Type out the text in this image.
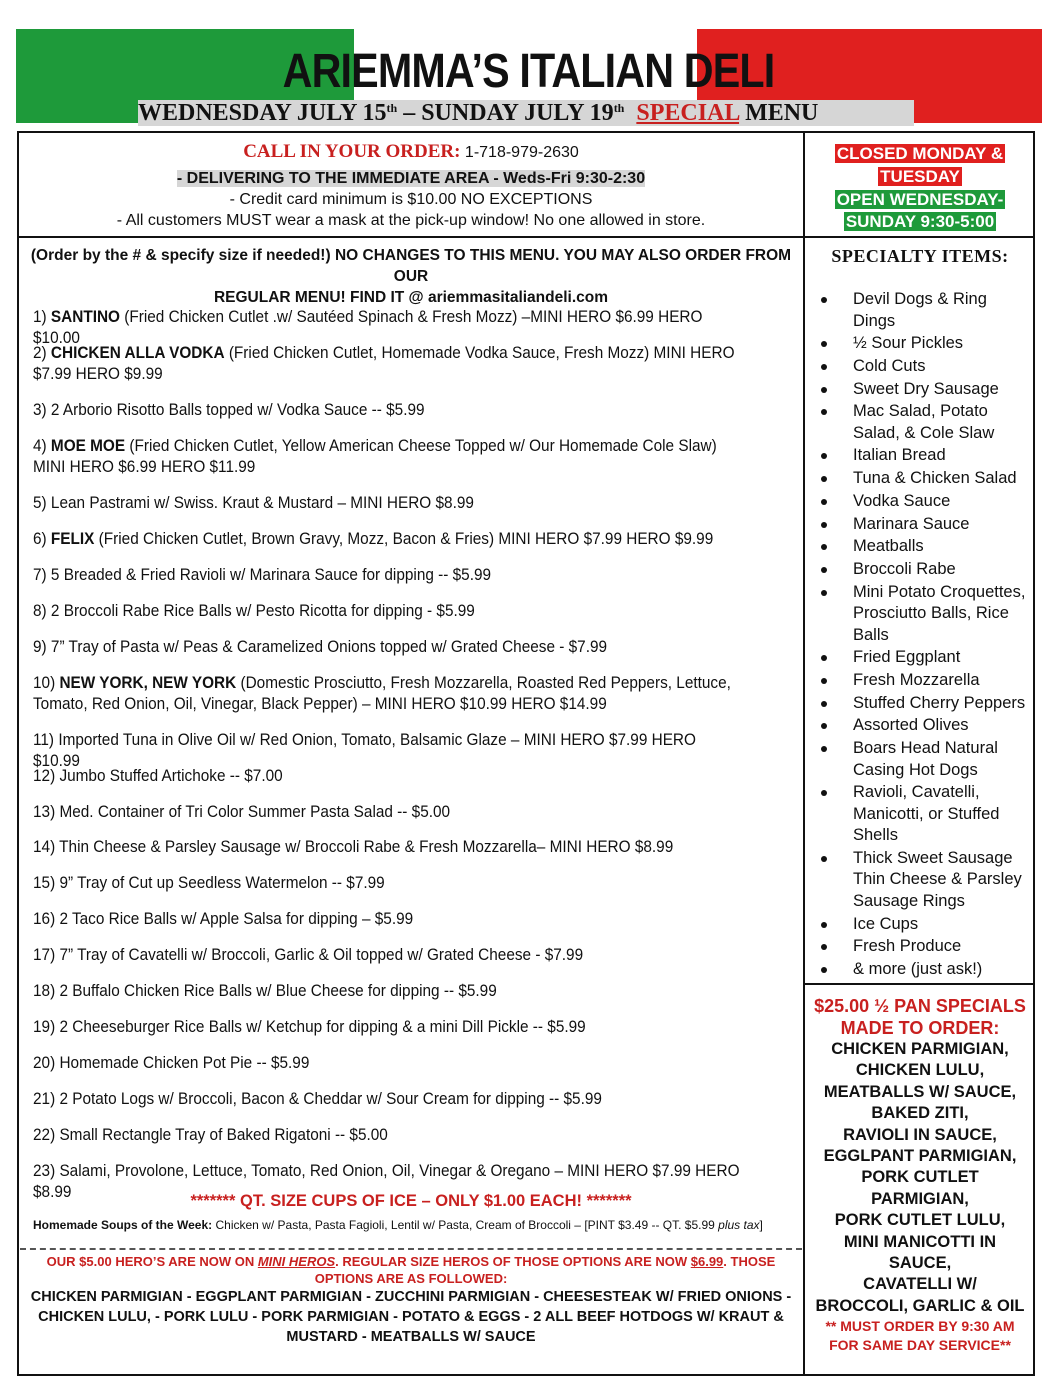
ARIEMMA’S ITALIAN DELI
WEDNESDAY JULY 15th – SUNDAY JULY 19th SPECIAL MENU
CALL IN YOUR ORDER: 1-718-979-2630
- DELIVERING TO THE IMMEDIATE AREA - Weds-Fri 9:30-2:30
- Credit card minimum is $10.00 NO EXCEPTIONS
- All customers MUST wear a mask at the pick-up window! No one allowed in store.
CLOSED MONDAY &
TUESDAY
OPEN WEDNESDAY-
SUNDAY 9:30-5:00
(Order by the # & specify size if needed!) NO CHANGES TO THIS MENU. YOU MAY ALSO ORDER FROM OUR
REGULAR MENU! FIND IT @ ariemmasitaliandeli.com
1) SANTINO (Fried Chicken Cutlet .w/ Sautéed Spinach & Fresh Mozz) –MINI HERO $6.99 HERO $10.00
2) CHICKEN ALLA VODKA (Fried Chicken Cutlet, Homemade Vodka Sauce, Fresh Mozz) MINI HERO $7.99 HERO $9.99
3) 2 Arborio Risotto Balls topped w/ Vodka Sauce -- $5.99
4) MOE MOE (Fried Chicken Cutlet, Yellow American Cheese Topped w/ Our Homemade Cole Slaw) MINI HERO $6.99 HERO $11.99
5) Lean Pastrami w/ Swiss. Kraut & Mustard – MINI HERO $8.99
6) FELIX (Fried Chicken Cutlet, Brown Gravy, Mozz, Bacon & Fries) MINI HERO $7.99 HERO $9.99
7) 5 Breaded & Fried Ravioli w/ Marinara Sauce for dipping -- $5.99
8) 2 Broccoli Rabe Rice Balls w/ Pesto Ricotta for dipping - $5.99
9) 7” Tray of Pasta w/ Peas & Caramelized Onions topped w/ Grated Cheese - $7.99
10) NEW YORK, NEW YORK (Domestic Prosciutto, Fresh Mozzarella, Roasted Red Peppers, Lettuce, Tomato, Red Onion, Oil, Vinegar, Black Pepper) – MINI HERO $10.99 HERO $14.99
11) Imported Tuna in Olive Oil w/ Red Onion, Tomato, Balsamic Glaze – MINI HERO $7.99 HERO $10.99
12) Jumbo Stuffed Artichoke -- $7.00
13) Med. Container of Tri Color Summer Pasta Salad -- $5.00
14) Thin Cheese & Parsley Sausage w/ Broccoli Rabe & Fresh Mozzarella– MINI HERO $8.99
15) 9” Tray of Cut up Seedless Watermelon -- $7.99
16) 2 Taco Rice Balls w/ Apple Salsa for dipping – $5.99
17) 7” Tray of Cavatelli w/ Broccoli, Garlic & Oil topped w/ Grated Cheese - $7.99
18) 2 Buffalo Chicken Rice Balls w/ Blue Cheese for dipping -- $5.99
19) 2 Cheeseburger Rice Balls w/ Ketchup for dipping & a mini Dill Pickle -- $5.99
20) Homemade Chicken Pot Pie -- $5.99
21) 2 Potato Logs w/ Broccoli, Bacon & Cheddar w/ Sour Cream for dipping -- $5.99
22) Small Rectangle Tray of Baked Rigatoni -- $5.00
23) Salami, Provolone, Lettuce, Tomato, Red Onion, Oil, Vinegar & Oregano – MINI HERO $7.99 HERO $8.99	******* QT. SIZE CUPS OF ICE – ONLY $1.00 EACH! *******
Homemade Soups of the Week: Chicken w/ Pasta, Pasta Fagioli, Lentil w/ Pasta, Cream of Broccoli – [PINT $3.49 -- QT. $5.99 plus tax]
OUR $5.00 HERO’S ARE NOW ON MINI HEROS. REGULAR SIZE HEROS OF THOSE OPTIONS ARE NOW $6.99. THOSE OPTIONS ARE AS FOLLOWED:
CHICKEN PARMIGIAN - EGGPLANT PARMIGIAN - ZUCCHINI PARMIGIAN - CHEESESTEAK W/ FRIED ONIONS -
CHICKEN LULU, - PORK LULU - PORK PARMIGIAN - POTATO & EGGS - 2 ALL BEEF HOTDOGS W/ KRAUT &
MUSTARD - MEATBALLS W/ SAUCE
SPECIALTY ITEMS:
Devil Dogs & Ring Dings
½ Sour Pickles
Cold Cuts
Sweet Dry Sausage
Mac Salad, Potato Salad, & Cole Slaw
Italian Bread
Tuna & Chicken Salad
Vodka Sauce
Marinara Sauce
Meatballs
Broccoli Rabe
Mini Potato Croquettes, Prosciutto Balls, Rice Balls
Fried Eggplant
Fresh Mozzarella
Stuffed Cherry Peppers
Assorted Olives
Boars Head Natural Casing Hot Dogs
Ravioli, Cavatelli, Manicotti, or Stuffed Shells
Thick Sweet Sausage Thin Cheese & Parsley Sausage Rings
Ice Cups
Fresh Produce
& more (just ask!)
$25.00 ½ PAN SPECIALS
MADE TO ORDER:
CHICKEN PARMIGIAN,
CHICKEN LULU,
MEATBALLS W/ SAUCE,
BAKED ZITI,
RAVIOLI IN SAUCE,
EGGLPANT PARMIGIAN,
PORK CUTLET
PARMIGIAN,
PORK CUTLET LULU,
MINI MANICOTTI IN
SAUCE,
CAVATELLI W/
BROCCOLI, GARLIC & OIL
** MUST ORDER BY 9:30 AM
FOR SAME DAY SERVICE**
